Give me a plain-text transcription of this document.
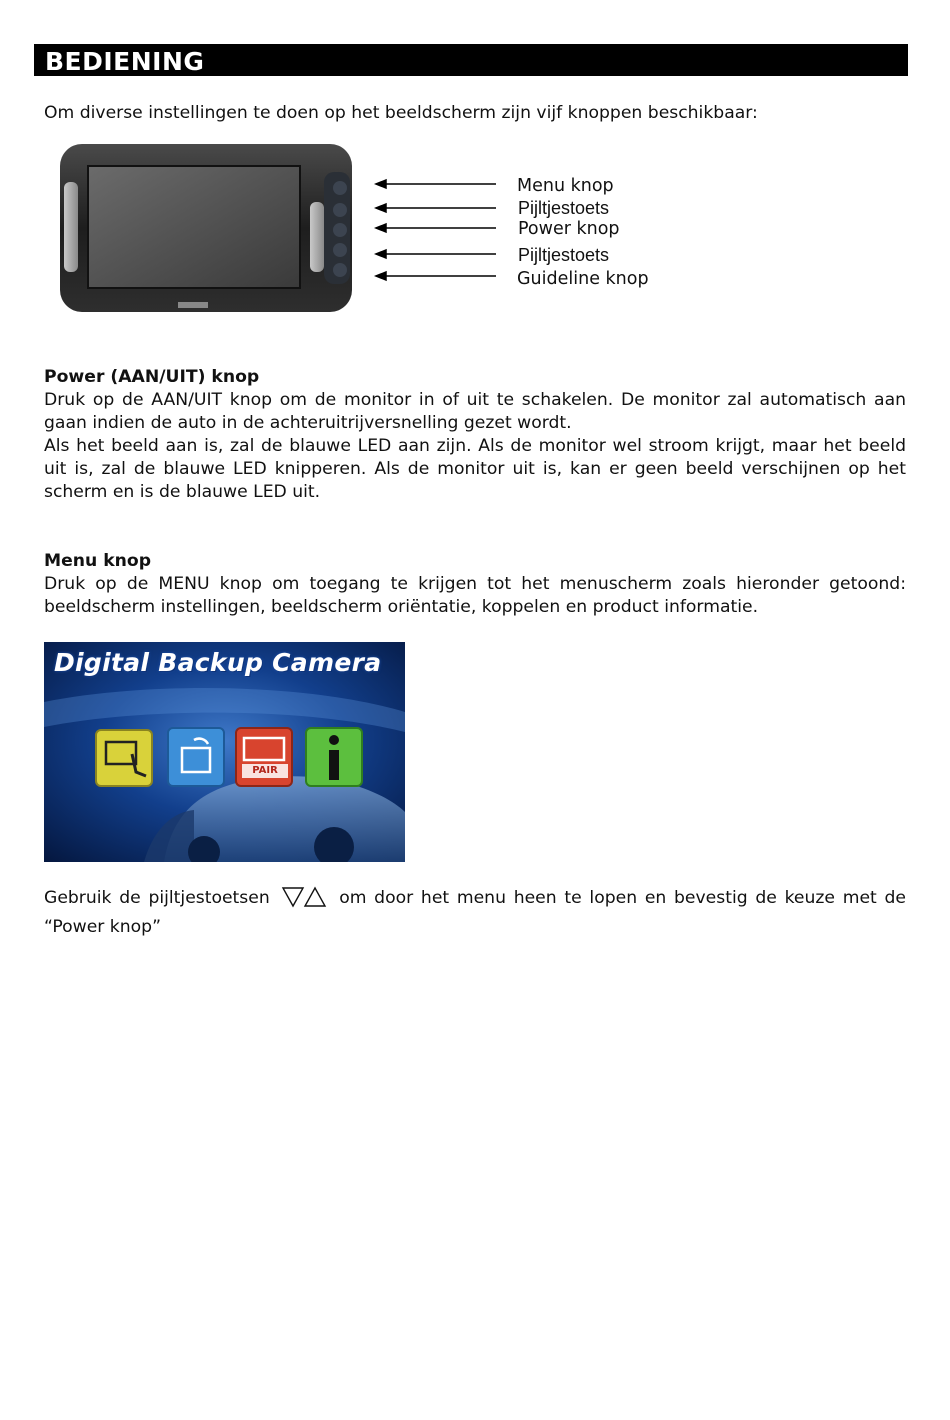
BEDIENING
Om diverse instellingen te doen op het beeldscherm zijn vijf knoppen beschikbaar:
Menu knop
Pijltjestoets
Power knop
Pijltjestoets
Guideline knop
Power (AAN/UIT) knop
Druk op de AAN/UIT knop om de monitor in of uit te schakelen. De monitor zal automatisch aan gaan indien de auto in de achteruitrijversnelling gezet wordt.
Als het beeld aan is, zal de blauwe LED aan zijn. Als de monitor wel stroom krijgt, maar het beeld uit is, zal de blauwe LED knipperen. Als de monitor uit is, kan er geen beeld verschijnen op het scherm en is de blauwe LED uit.
Menu knop
Druk op de MENU knop om toegang te krijgen tot het menuscherm zoals hieronder getoond: beeldscherm instellingen, beeldscherm oriëntatie, koppelen en product informatie.
Digital Backup Camera
PAIR
Gebruik de pijltjestoetsen	om door het menu heen te lopen en bevestig de keuze met de “Power knop”
